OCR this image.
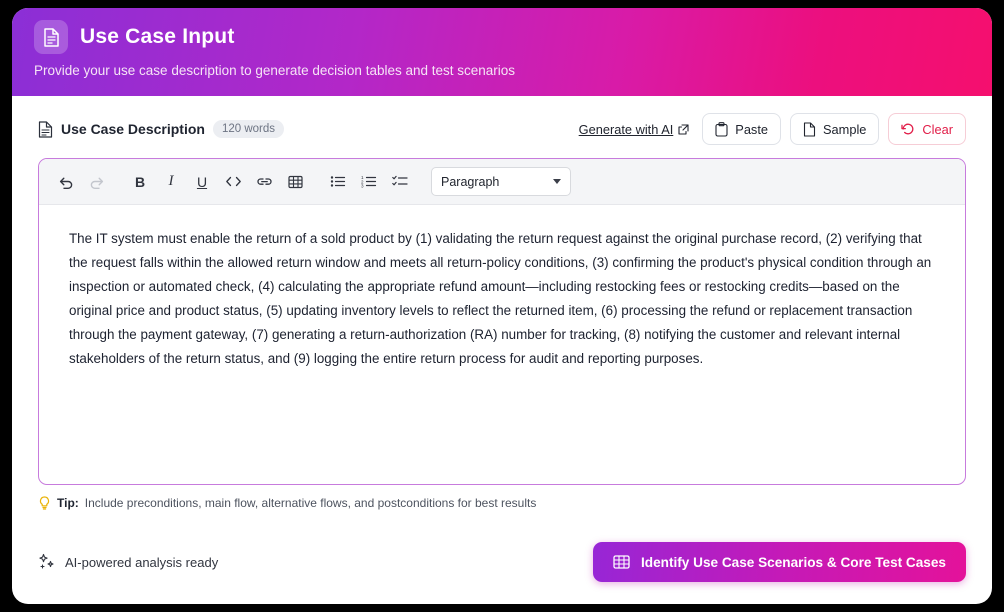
Use Case Input
Provide your use case description to generate decision tables and test scenarios
Use Case Description	120 words	Generate with AI	Paste	Sample	Clear
B	I	U	1
2
3	Paragraph

The IT system must enable the return of a sold product by (1) validating the return request against the original purchase record, (2) verifying that the request falls within the allowed return window and meets all return-policy conditions, (3) confirming the product's physical condition through an inspection or automated check, (4) calculating the appropriate refund amount—including restocking fees or restocking credits—based on the original price and product status, (5) updating inventory levels to reflect the returned item, (6) processing the refund or replacement transaction through the payment gateway, (7) generating a return-authorization (RA) number for tracking, (8) notifying the customer and relevant internal stakeholders of the return status, and (9) logging the entire return process for audit and reporting purposes.

Tip: Include preconditions, main flow, alternative flows, and postconditions for best results
AI-powered analysis ready	Identify Use Case Scenarios & Core Test Cases
